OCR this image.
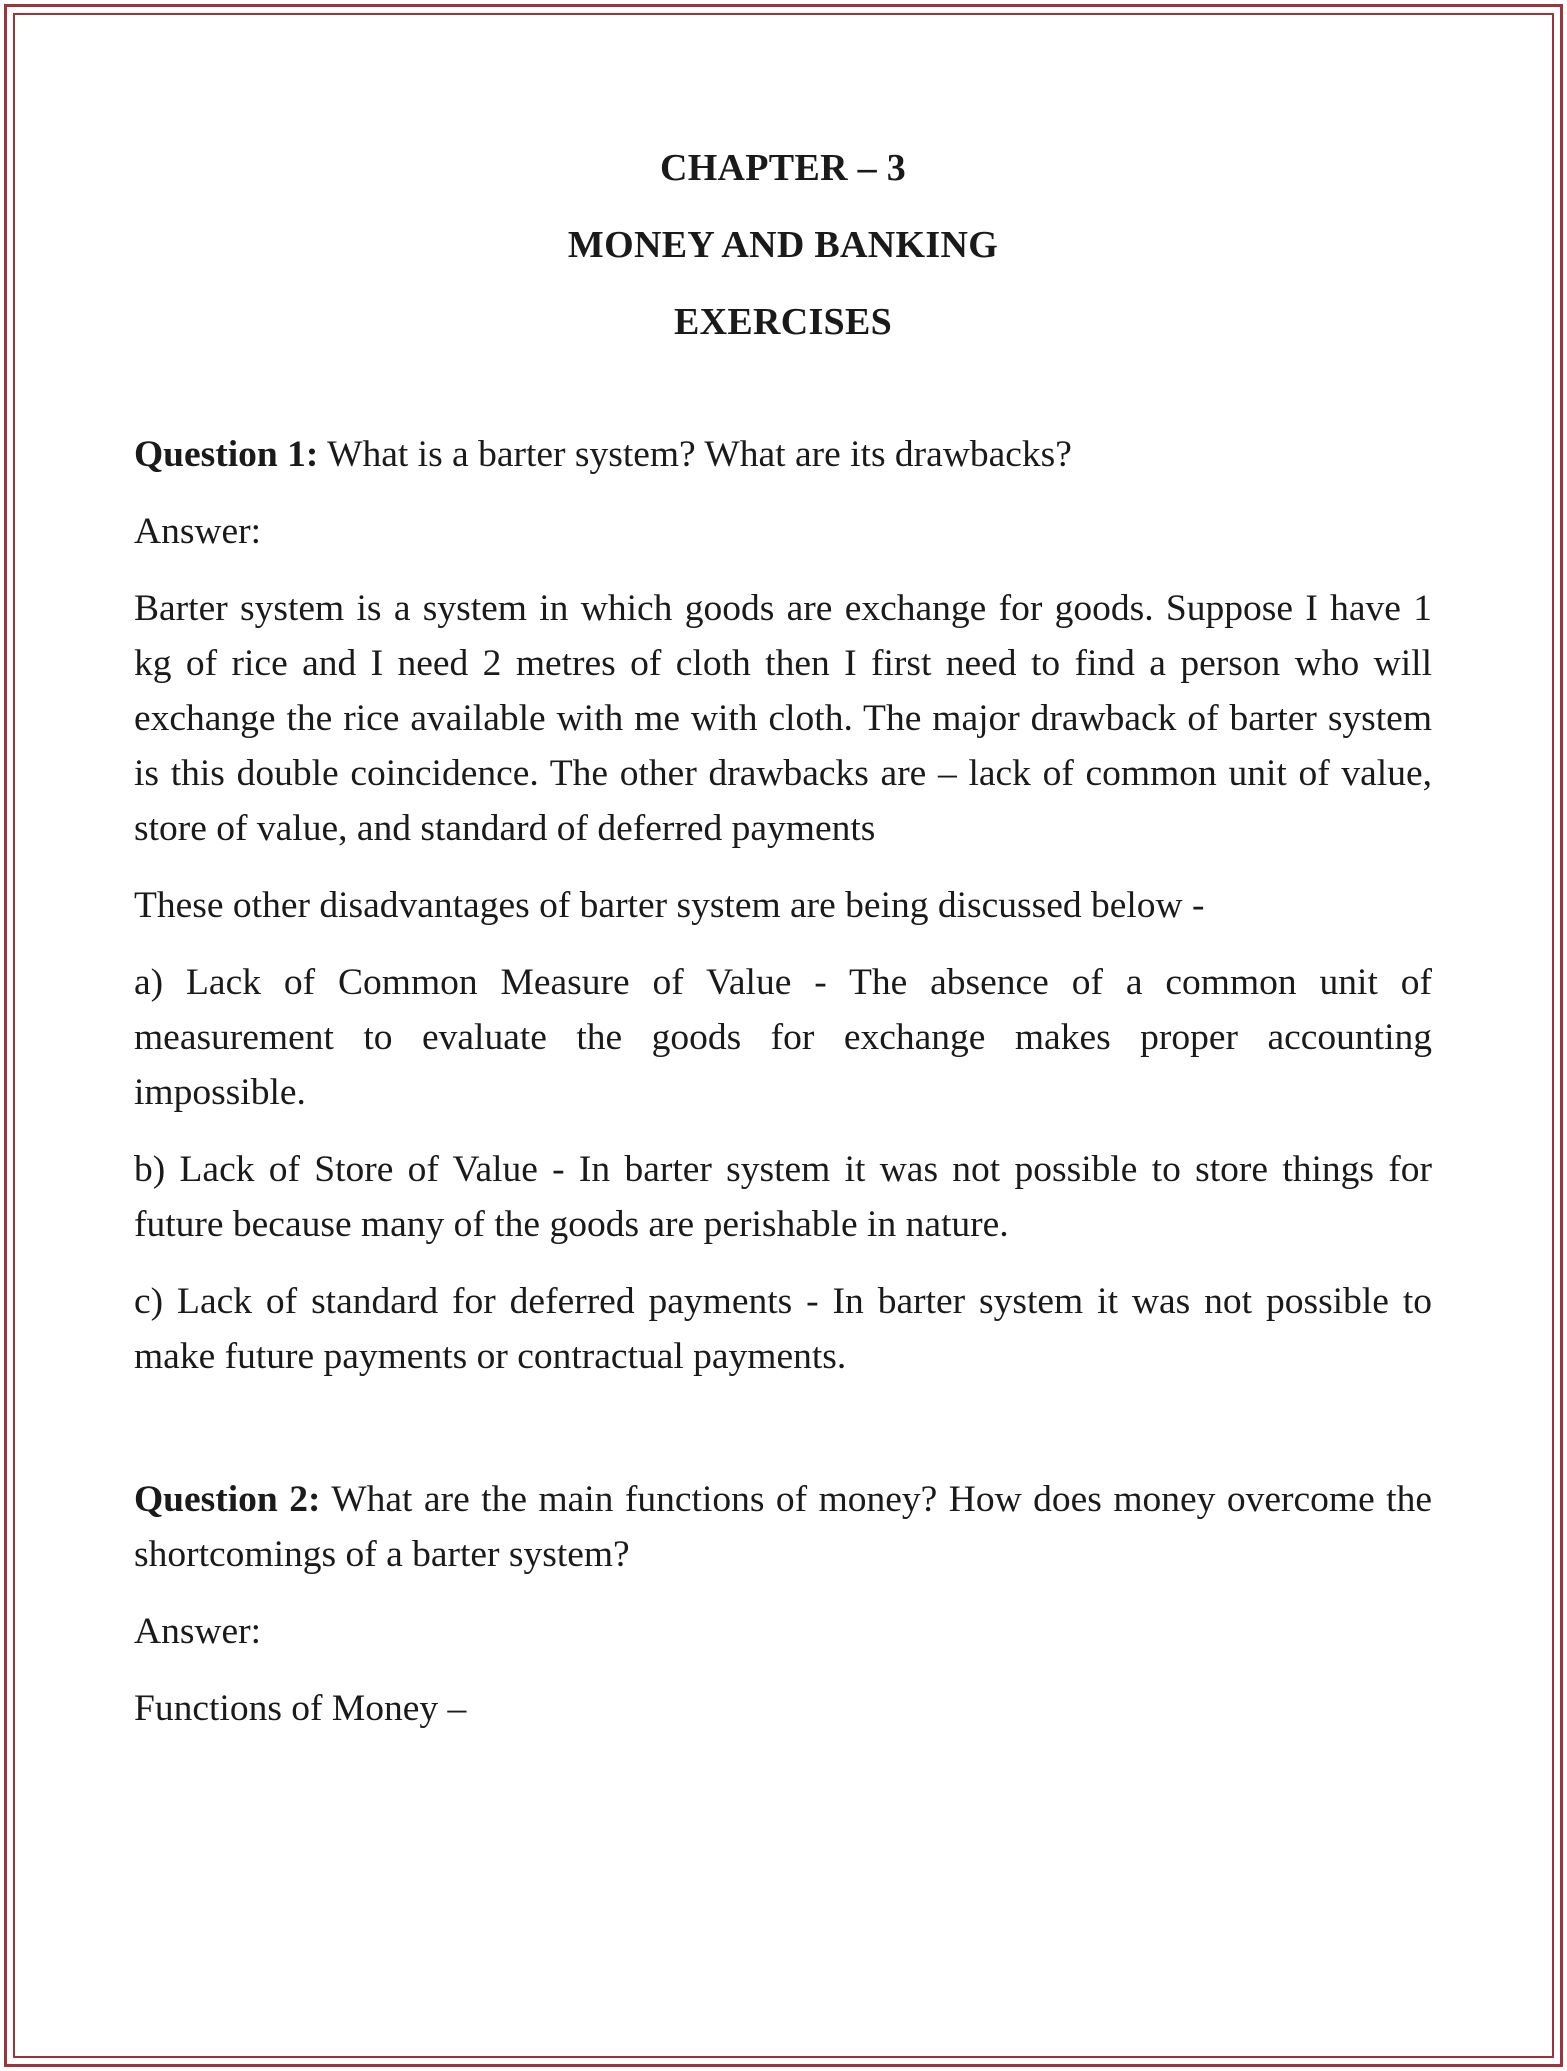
CHAPTER – 3
MONEY AND BANKING
EXERCISES

Question 1: What is a barter system? What are its drawbacks?

Answer:

Barter system is a system in which goods are exchange for goods. Suppose I have 1 kg of rice and I need 2 metres of cloth then I first need to find a person who will exchange the rice available with me with cloth. The major drawback of barter system is this double coincidence. The other drawbacks are – lack of common unit of value, store of value, and standard of deferred payments

These other disadvantages of barter system are being discussed below -

a) Lack of Common Measure of Value - The absence of a common unit of measurement to evaluate the goods for exchange makes proper accounting impossible.

b) Lack of Store of Value - In barter system it was not possible to store things for future because many of the goods are perishable in nature.

c) Lack of standard for deferred payments - In barter system it was not possible to make future payments or contractual payments.

Question 2: What are the main functions of money? How does money overcome the shortcomings of a barter system?

Answer:

Functions of Money –
